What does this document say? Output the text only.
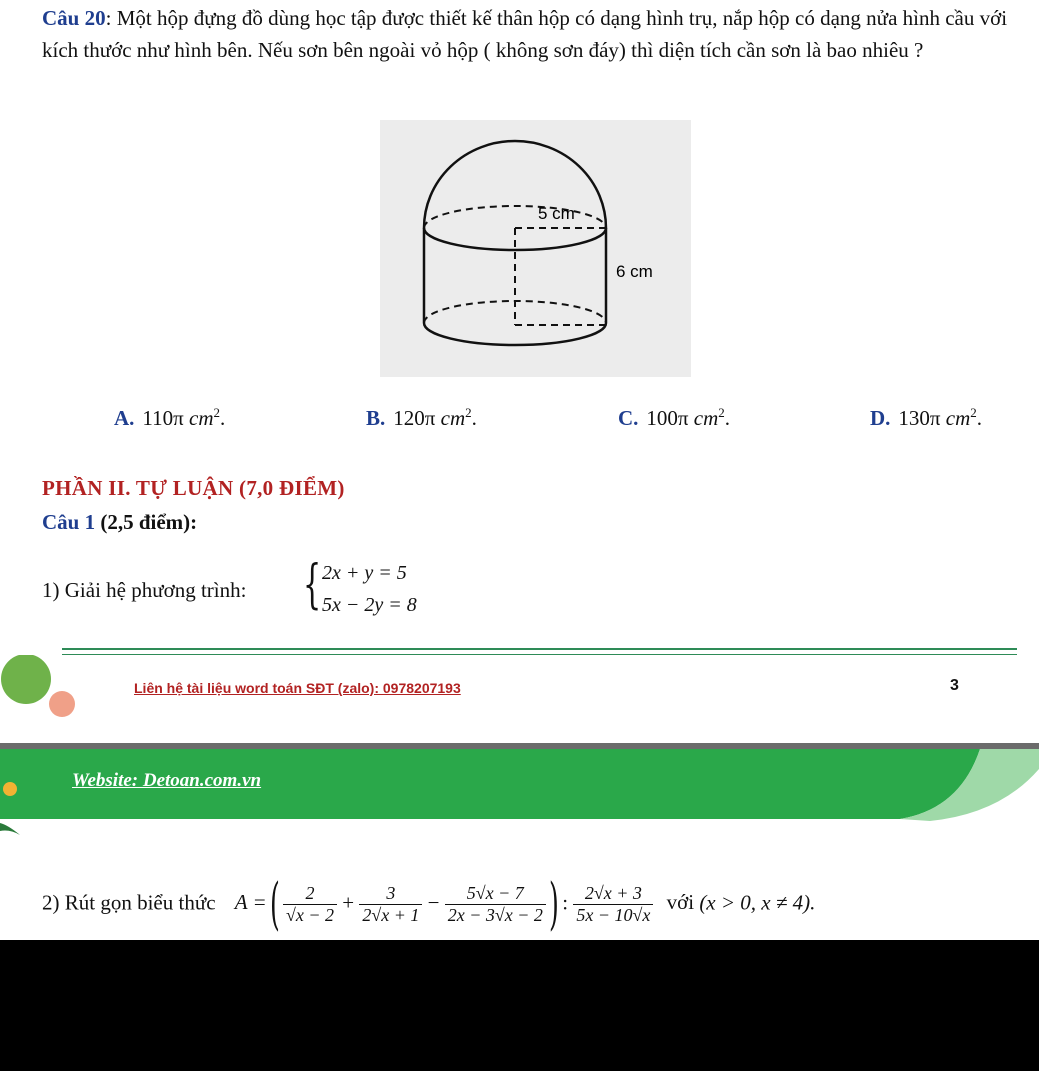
Câu 20: Một hộp đựng đồ dùng học tập được thiết kế thân hộp có dạng hình trụ, nắp hộp có dạng nửa hình cầu với kích thước như hình bên. Nếu sơn bên ngoài vỏ hộp ( không sơn đáy) thì diện tích cần sơn là bao nhiêu ?
5 cm
6 cm
A. 110π $cm^2$.	B. 120π $cm^2$.	C. 100π $cm^2$.	D. 130π $cm^2$.
PHẦN II. TỰ LUẬN (7,0 ĐIỂM)
Câu 1 (2,5 điểm):
1) Giải hệ phương trình: { 2x + y = 5
5x − 2y = 8
Liên hệ tài liệu word toán SĐT (zalo): 0978207193	3
Website: Detoan.com.vn
2) Rút gọn biểu thức A = ( $\frac{2}{√x - 2} + \frac{3}{2√x + 1} - \frac{5√x - 7}{2x - 3√x - 2}$ ) : $\frac{2√x + 3}{5x - 10√x}$ với (x > 0, x ≠ 4).
